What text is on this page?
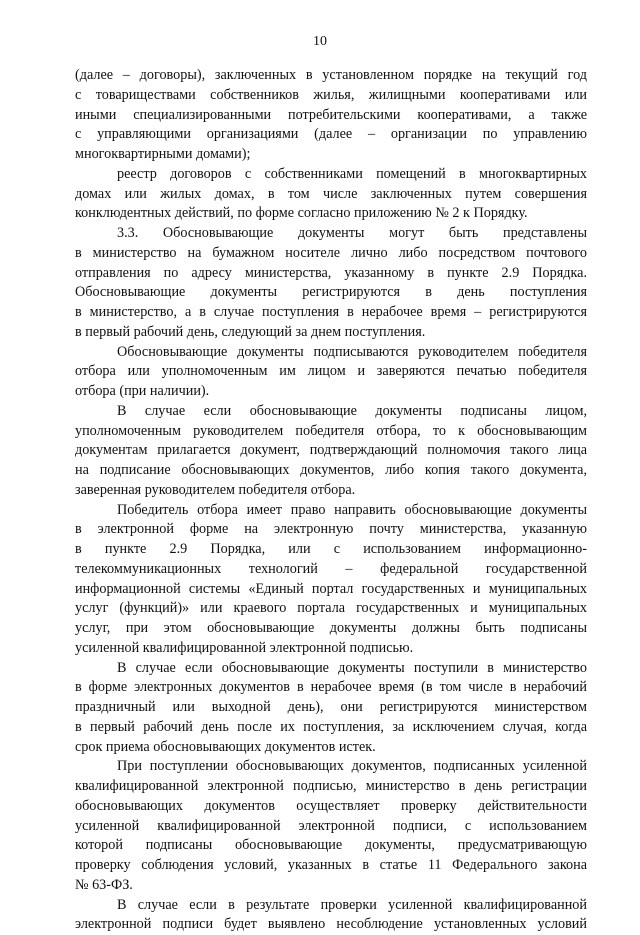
10

(далее – договоры), заключенных в установленном порядке на текущий год
с товариществами собственников жилья, жилищными кооперативами или
иными специализированными потребительскими кооперативами, а также
с управляющими организациями (далее – организации по управлению
многоквартирными домами);

реестр договоров с собственниками помещений в многоквартирных
домах или жилых домах, в том числе заключенных путем совершения
конклюдентных действий, по форме согласно приложению № 2 к Порядку.

3.3. Обосновывающие документы могут быть представлены
в министерство на бумажном носителе лично либо посредством почтового
отправления по адресу министерства, указанному в пункте 2.9 Порядка.
Обосновывающие документы регистрируются в день поступления
в министерство, а в случае поступления в нерабочее время – регистрируются
в первый рабочий день, следующий за днем поступления.

Обосновывающие документы подписываются руководителем победителя
отбора или уполномоченным им лицом и заверяются печатью победителя
отбора (при наличии).

В случае если обосновывающие документы подписаны лицом,
уполномоченным руководителем победителя отбора, то к обосновывающим
документам прилагается документ, подтверждающий полномочия такого лица
на подписание обосновывающих документов, либо копия такого документа,
заверенная руководителем победителя отбора.

Победитель отбора имеет право направить обосновывающие документы
в электронной форме на электронную почту министерства, указанную
в пункте 2.9 Порядка, или с использованием информационно-
телекоммуникационных технологий – федеральной государственной
информационной системы «Единый портал государственных и муниципальных
услуг (функций)» или краевого портала государственных и муниципальных
услуг, при этом обосновывающие документы должны быть подписаны
усиленной квалифицированной электронной подписью.

В случае если обосновывающие документы поступили в министерство
в форме электронных документов в нерабочее время (в том числе в нерабочий
праздничный или выходной день), они регистрируются министерством
в первый рабочий день после их поступления, за исключением случая, когда
срок приема обосновывающих документов истек.

При поступлении обосновывающих документов, подписанных усиленной
квалифицированной электронной подписью, министерство в день регистрации
обосновывающих документов осуществляет проверку действительности
усиленной квалифицированной электронной подписи, с использованием
которой подписаны обосновывающие документы, предусматривающую
проверку соблюдения условий, указанных в статье 11 Федерального закона
№ 63-ФЗ.

В случае если в результате проверки усиленной квалифицированной
электронной подписи будет выявлено несоблюдение установленных условий
